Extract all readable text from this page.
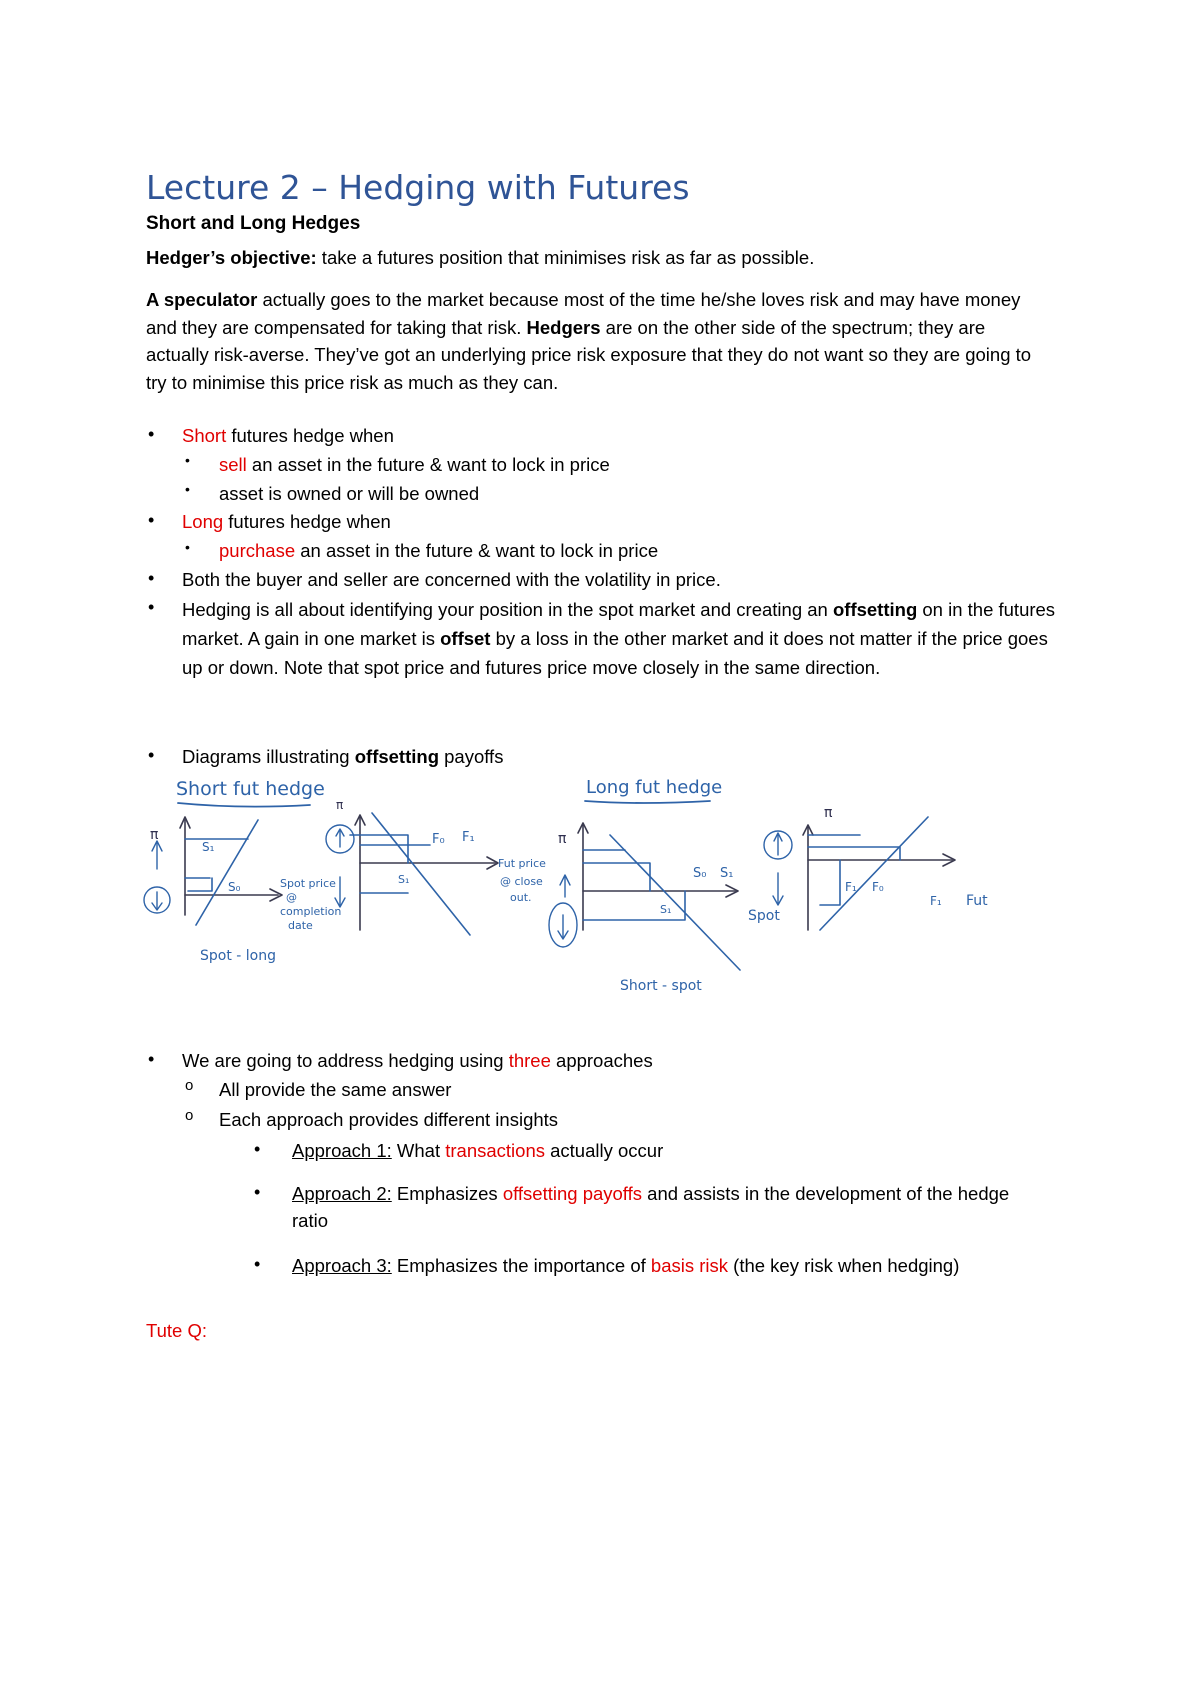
Lecture 2 – Hedging with Futures
Short and Long Hedges

Hedger’s objective: take a futures position that minimises risk as far as possible.

A speculator actually goes to the market because most of the time he/she loves risk and may have money and they are compensated for taking that risk. Hedgers are on the other side of the spectrum; they are actually risk-averse. They’ve got an underlying price risk exposure that they do not want so they are going to try to minimise this price risk as much as they can.

• Short futures hedge when
• sell an asset in the future & want to lock in price
• asset is owned or will be owned
• Long futures hedge when
• purchase an asset in the future & want to lock in price
• Both the buyer and seller are concerned with the volatility in price.
• Hedging is all about identifying your position in the spot market and creating an offsetting on in the futures market. A gain in one market is offset by a loss in the other market and it does not matter if the price goes up or down. Note that spot price and futures price move closely in the same direction.
• Diagrams illustrating offsetting payoffs
Short fut hedge
π
S₁
S₀	Spot price
@
completion
date
Spot - long
π
F₀ F₁
S₁
Fut price
@ close
out.
Long fut hedge
π
S₀ S₁
S₁	Spot
Short - spot
π
F₁ F₀
F₁ Fut
• We are going to address hedging using three approaches
o All provide the same answer
o Each approach provides different insights
• Approach 1: What transactions actually occur
• Approach 2: Emphasizes offsetting payoffs and assists in the development of the hedge ratio
• Approach 3: Emphasizes the importance of basis risk (the key risk when hedging)
Tute Q:
